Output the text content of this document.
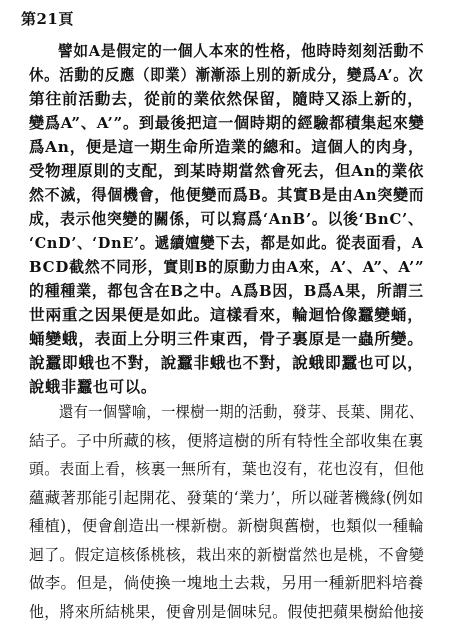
第21頁
譬如A是假定的一個人本來的性格，他時時刻刻活動不
休。活動的反應（即業）漸漸添上別的新成分，變爲A’。次
第往前活動去，從前的業依然保留，隨時又添上新的，
變爲A”、A’”。到最後把這一個時期的經驗都積集起來變
爲An，便是這一期生命所造業的總和。這個人的肉身，
受物理原則的支配，到某時期當然會死去，但An的業依
然不滅，得個機會，他便變而爲B。其實B是由An突變而
成，表示他突變的關係，可以寫爲‘AnB’。以後‘BnC’、
‘CnD’、‘DnE’。遞續嬗變下去，都是如此。從表面看，A
BCD截然不同形，實則B的原動力由A來，A’、A”、A’”
的種種業，都包含在B之中。A爲B因，B爲A果，所謂三
世兩重之因果便是如此。這樣看來，輪迴恰像蠶變蛹，
蛹變蛾，表面上分明三件東西，骨子裏原是一蟲所變。
說蠶即蛾也不對，說蠶非蛾也不對，說蛾即蠶也可以，
說蛾非蠶也可以。
還有一個譬喻，一棵樹一期的活動，發芽、長葉、開花、
結子。子中所藏的核，便將這樹的所有特性全部收集在裏
頭。表面上看，核裏一無所有，葉也沒有，花也沒有，但他
蘊藏著那能引起開花、發葉的‘業力’，所以碰著機緣(例如
種植)，便會創造出一棵新樹。新樹與舊樹，也類似一種輪
迴了。假定這核係桃核，栽出來的新樹當然也是桃，不會變
做李。但是，倘使換一塊地土去栽，另用一種新肥料培養
他，將來所結桃果，便會別是個味兒。假使把蘋果樹給他接
